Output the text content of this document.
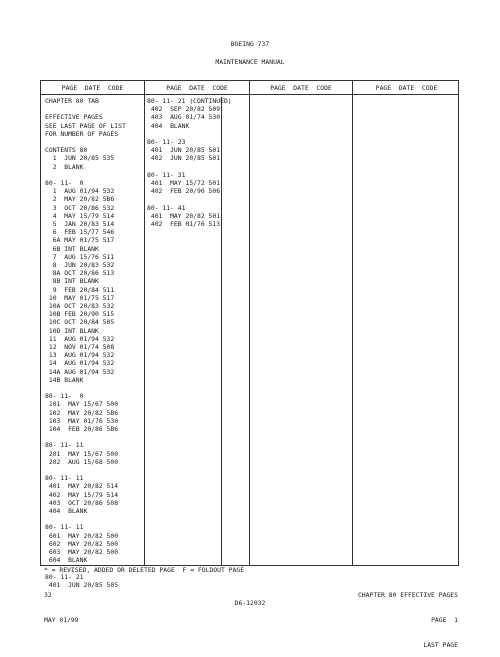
BOEING 737
MAINTENANCE MANUAL
PAGE  DATE  CODE	PAGE  DATE  CODE	PAGE  DATE  CODE	PAGE  DATE  CODE
CHAPTER 80 TAB
EFFECTIVE PAGES
SEE LAST PAGE OF LIST
FOR NUMBER OF PAGES
CONTENTS 80
1  JUN 20/85 535
2  BLANK
80- 11-  0
1  AUG 01/94 532
2  MAY 20/82 5B6
3  OCT 20/86 532
4  MAY 15/79 514
5  JAN 20/83 514
6  FEB 15/77 546
6A MAY 01/75 517
6B INT BLANK
7  AUG 15/76 511
8  JUN 20/83 532
8A OCT 20/86 513
8B INT BLANK
9  FEB 20/84 511
10  MAY 01/75 517
10A OCT 20/83 532
10B FEB 20/90 515
10C OCT 20/84 505
10D INT BLANK
11  AUG 01/94 532
12  NOV 01/74 508
13  AUG 01/94 532
14  AUG 01/94 532
14A AUG 01/94 532
14B BLANK
80- 11-  0
101  MAY 15/67 500
102  MAY 20/82 5B6
103  MAY 01/76 530
104  FEB 20/86 5B6
80- 11- 11
201  MAY 15/67 500
202  AUG 15/68 500
80- 11- 11
401  MAY 20/82 514
402  MAY 15/79 514
403  OCT 20/86 508
404  BLANK
80- 11- 11
601  MAY 20/82 500
602  MAY 20/82 500
603  MAY 20/82 500
604  BLANK
80- 11- 21
401  JUN 20/85 505
80- 11- 21 (CONTINUED)
402  SEP 20/82 509
403  AUG 01/74 530
404  BLANK
80- 11- 23
401  JUN 20/85 501
402  JUN 20/85 501
80- 11- 31
401  MAY 15/72 501
402  FEB 20/90 506
80- 11- 41
401  MAY 20/82 501
402  FEB 01/76 513
* = REVISED, ADDED OR DELETED PAGE  F = FOLDOUT PAGE

32

MAY 01/99

CHAPTER 80 EFFECTIVE PAGES

PAGE  1

LAST PAGE

D6-12032
